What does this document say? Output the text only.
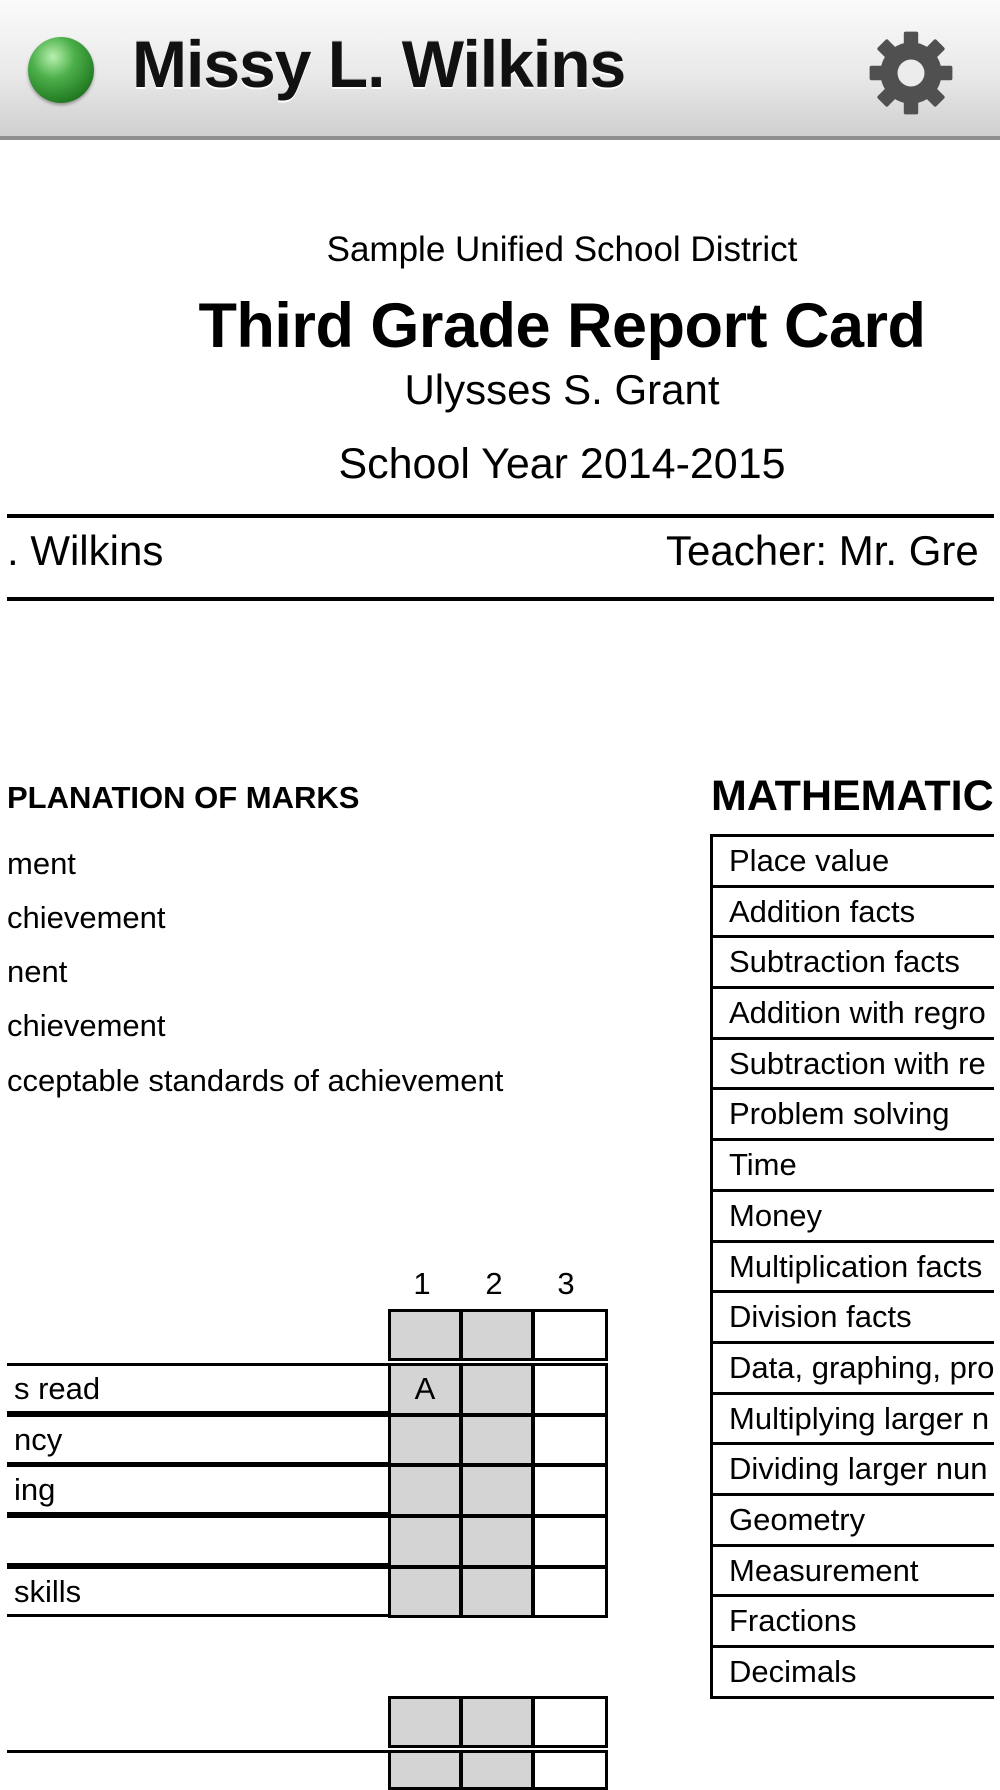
Missy L. Wilkins
Sample Unified School District
Third Grade Report Card
Ulysses S. Grant
School Year 2014-2015
. Wilkins	Teacher: Mr. Gre
PLANATION OF MARKS
ment
chievement
nent
chievement
cceptable standards of achievement
1	2	3
s read	A
ncy
ing
skills
MATHEMATIC
Place value
Addition facts
Subtraction facts
Addition with regro
Subtraction with re
Problem solving
Time
Money
Multiplication facts
Division facts
Data, graphing, pro
Multiplying larger n
Dividing larger nun
Geometry
Measurement
Fractions
Decimals
